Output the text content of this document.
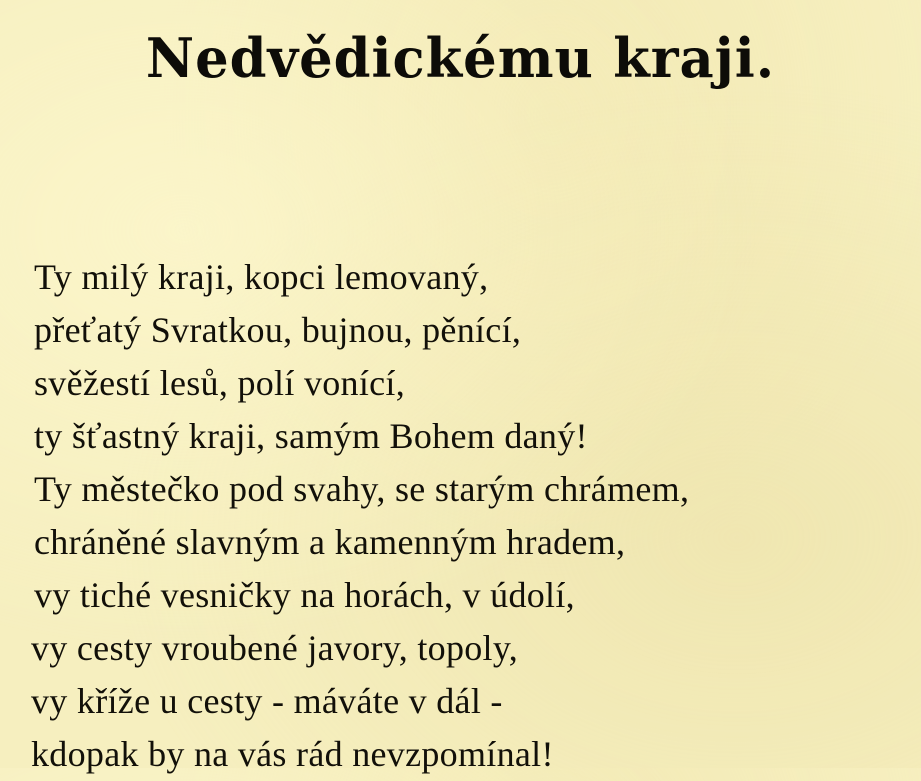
Nedvědickému kraji.
Ty milý kraji, kopci lemovaný,
přeťatý Svratkou, bujnou, pěnící,
svěžestí lesů, polí vonící,
ty šťastný kraji, samým Bohem daný!
Ty městečko pod svahy, se starým chrámem,
chráněné slavným a kamenným hradem,
vy tiché vesničky na horách, v údolí,
vy cesty vroubené javory, topoly,
vy kříže u cesty - máváte v dál -
kdopak by na vás rád nevzpomínal!
